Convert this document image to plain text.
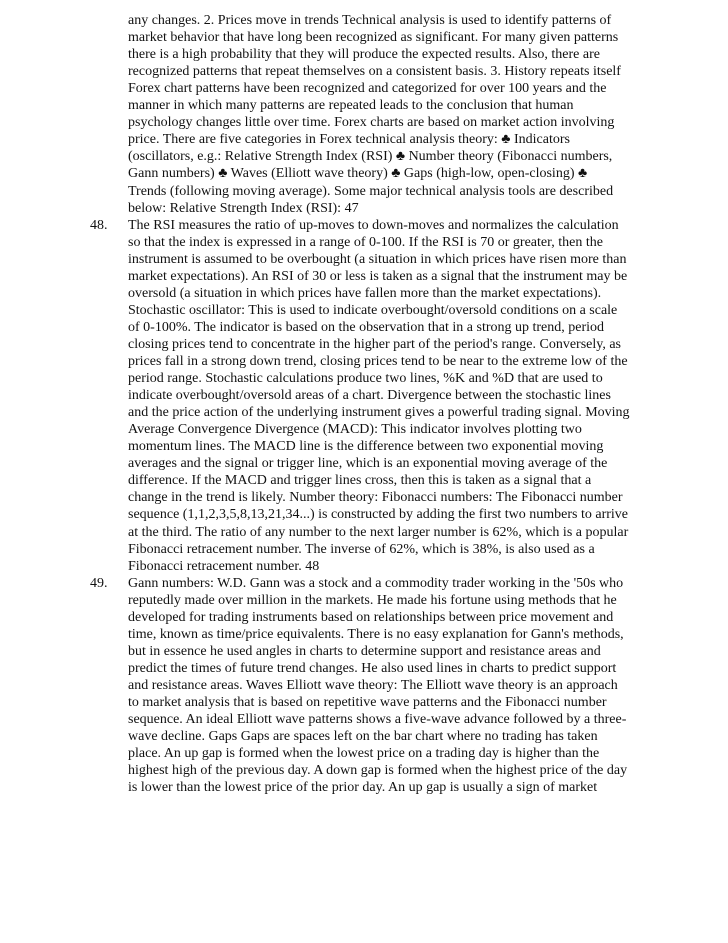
any changes. 2. Prices move in trends Technical analysis is used to identify patterns of
market behavior that have long been recognized as significant. For many given patterns
there is a high probability that they will produce the expected results. Also, there are
recognized patterns that repeat themselves on a consistent basis. 3. History repeats itself
Forex chart patterns have been recognized and categorized for over 100 years and the
manner in which many patterns are repeated leads to the conclusion that human
psychology changes little over time. Forex charts are based on market action involving
price. There are five categories in Forex technical analysis theory: ♣ Indicators
(oscillators, e.g.: Relative Strength Index (RSI) ♣ Number theory (Fibonacci numbers,
Gann numbers) ♣ Waves (Elliott wave theory) ♣ Gaps (high-low, open-closing) ♣
Trends (following moving average). Some major technical analysis tools are described
below: Relative Strength Index (RSI): 47
48. The RSI measures the ratio of up-moves to down-moves and normalizes the calculation
so that the index is expressed in a range of 0-100. If the RSI is 70 or greater, then the
instrument is assumed to be overbought (a situation in which prices have risen more than
market expectations). An RSI of 30 or less is taken as a signal that the instrument may be
oversold (a situation in which prices have fallen more than the market expectations).
Stochastic oscillator: This is used to indicate overbought/oversold conditions on a scale
of 0-100%. The indicator is based on the observation that in a strong up trend, period
closing prices tend to concentrate in the higher part of the period's range. Conversely, as
prices fall in a strong down trend, closing prices tend to be near to the extreme low of the
period range. Stochastic calculations produce two lines, %K and %D that are used to
indicate overbought/oversold areas of a chart. Divergence between the stochastic lines
and the price action of the underlying instrument gives a powerful trading signal. Moving
Average Convergence Divergence (MACD): This indicator involves plotting two
momentum lines. The MACD line is the difference between two exponential moving
averages and the signal or trigger line, which is an exponential moving average of the
difference. If the MACD and trigger lines cross, then this is taken as a signal that a
change in the trend is likely. Number theory: Fibonacci numbers: The Fibonacci number
sequence (1,1,2,3,5,8,13,21,34...) is constructed by adding the first two numbers to arrive
at the third. The ratio of any number to the next larger number is 62%, which is a popular
Fibonacci retracement number. The inverse of 62%, which is 38%, is also used as a
Fibonacci retracement number. 48
49. Gann numbers: W.D. Gann was a stock and a commodity trader working in the '50s who
reputedly made over million in the markets. He made his fortune using methods that he
developed for trading instruments based on relationships between price movement and
time, known as time/price equivalents. There is no easy explanation for Gann's methods,
but in essence he used angles in charts to determine support and resistance areas and
predict the times of future trend changes. He also used lines in charts to predict support
and resistance areas. Waves Elliott wave theory: The Elliott wave theory is an approach
to market analysis that is based on repetitive wave patterns and the Fibonacci number
sequence. An ideal Elliott wave patterns shows a five-wave advance followed by a three-
wave decline. Gaps Gaps are spaces left on the bar chart where no trading has taken
place. An up gap is formed when the lowest price on a trading day is higher than the
highest high of the previous day. A down gap is formed when the highest price of the day
is lower than the lowest price of the prior day. An up gap is usually a sign of market
